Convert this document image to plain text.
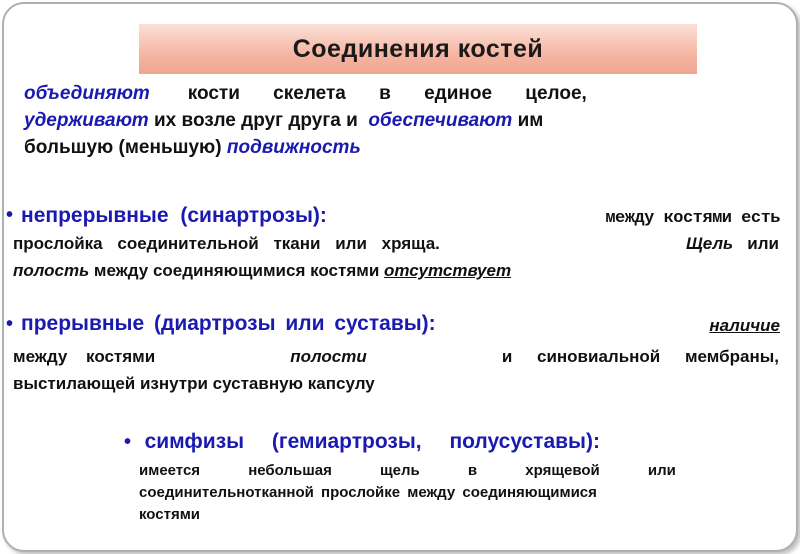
Соединения костей
объединяют кости скелета в единое целое,
удерживают их возле друг друга и обеспечивают им
большую (меньшую) подвижность
• непрерывные (синартрозы):	между костями есть
прослойка соединительной ткани или хряща.	Щель или
полость между соединяющимися костями отсутствует
• прерывные (диартрозы или суставы):	наличие
между костями	полости	и синовиальной мембраны,
выстилающей изнутри суставную капсулу
• симфизы (гемиартрозы, полусуставы):
имеется небольшая щель в хрящевой или
соединительнотканной прослойке между соединяющимися
костями
